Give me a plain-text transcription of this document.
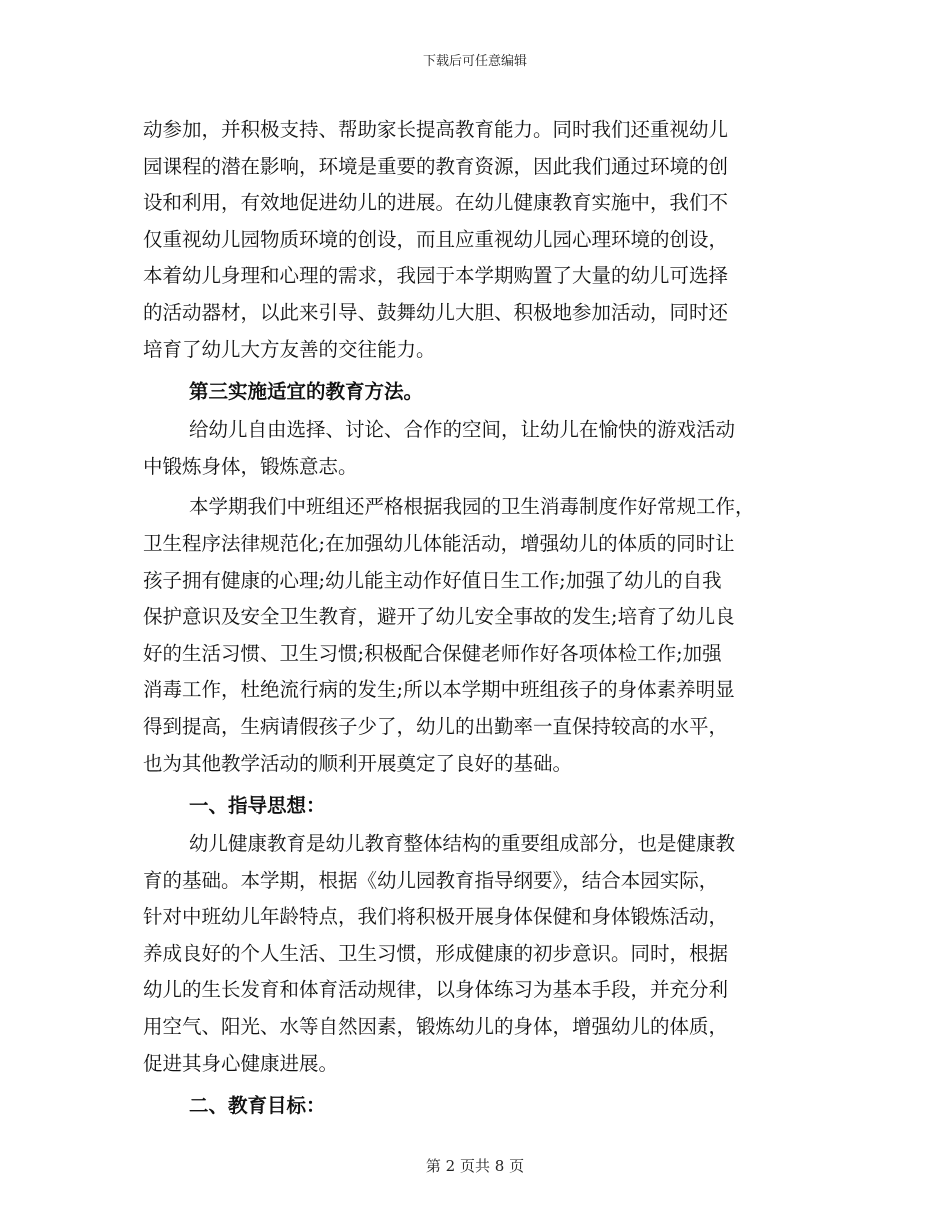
下载后可任意编辑
动参加，并积极支持、帮助家长提高教育能力。同时我们还重视幼儿
园课程的潜在影响，环境是重要的教育资源，因此我们通过环境的创
设和利用，有效地促进幼儿的进展。在幼儿健康教育实施中，我们不
仅重视幼儿园物质环境的创设，而且应重视幼儿园心理环境的创设，
本着幼儿身理和心理的需求，我园于本学期购置了大量的幼儿可选择
的活动器材，以此来引导、鼓舞幼儿大胆、积极地参加活动，同时还
培育了幼儿大方友善的交往能力。
第三实施适宜的教育方法。
给幼儿自由选择、讨论、合作的空间，让幼儿在愉快的游戏活动
中锻炼身体，锻炼意志。
本学期我们中班组还严格根据我园的卫生消毒制度作好常规工作，
卫生程序法律规范化;在加强幼儿体能活动，增强幼儿的体质的同时让
孩子拥有健康的心理;幼儿能主动作好值日生工作;加强了幼儿的自我
保护意识及安全卫生教育，避开了幼儿安全事故的发生;培育了幼儿良
好的生活习惯、卫生习惯;积极配合保健老师作好各项体检工作;加强
消毒工作，杜绝流行病的发生;所以本学期中班组孩子的身体素养明显
得到提高，生病请假孩子少了，幼儿的出勤率一直保持较高的水平，
也为其他教学活动的顺利开展奠定了良好的基础。
一、指导思想：
幼儿健康教育是幼儿教育整体结构的重要组成部分，也是健康教
育的基础。本学期，根据《幼儿园教育指导纲要》，结合本园实际，
针对中班幼儿年龄特点，我们将积极开展身体保健和身体锻炼活动，
养成良好的个人生活、卫生习惯，形成健康的初步意识。同时，根据
幼儿的生长发育和体育活动规律，以身体练习为基本手段，并充分利
用空气、阳光、水等自然因素，锻炼幼儿的身体，增强幼儿的体质，
促进其身心健康进展。
二、教育目标：
第 2 页共 8 页
